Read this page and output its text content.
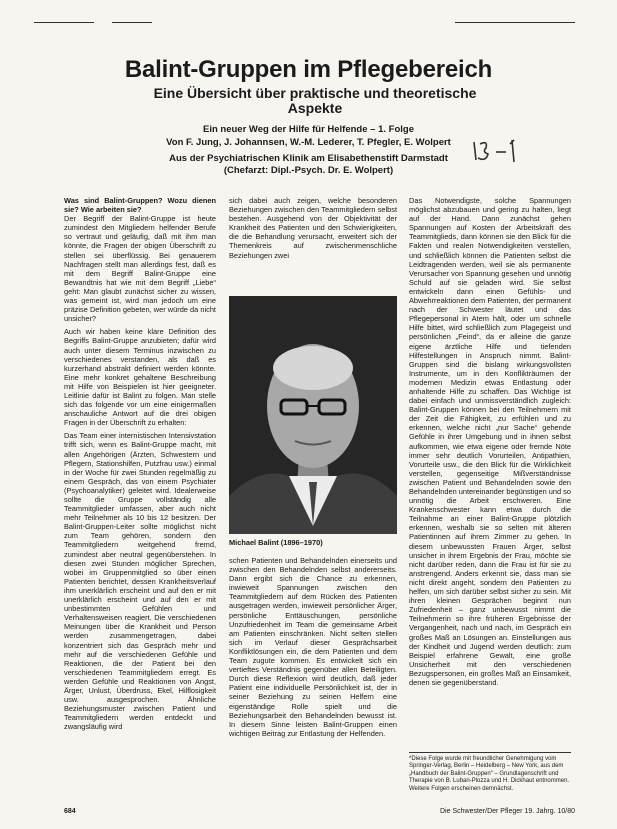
Balint-Gruppen im Pflegebereich
Eine Übersicht über praktische und theoretische Aspekte
Ein neuer Weg der Hilfe für Helfende – 1. Folge
Von F. Jung, J. Johannsen, W.-M. Lederer, T. Pfegler, E. Wolpert
Aus der Psychiatrischen Klinik am Elisabethenstift Darmstadt
(Chefarzt: Dipl.-Psych. Dr. E. Wolpert)

Was sind Balint-Gruppen? Wozu dienen sie? Wie arbeiten sie?
Der Begriff der Balint-Gruppe ist heute zumindest den Mitgliedern helfender Berufe so vertraut und geläufig, daß mit ihm man könnte, die Fragen der obigen Überschrift zu stellen sei überflüssig. Bei genauerem Nachfragen stellt man allerdings fest, daß es mit dem Begriff Balint-Gruppe eine Bewandtnis hat wie mit dem Begriff „Liebe“ geht: Man glaubt zunächst sicher zu wissen, was gemeint ist, wird man jedoch um eine präzise Definition gebeten, wer würde da nicht unsicher?

Auch wir haben keine klare Definition des Begriffs Balint-Gruppe anzubieten; dafür wird auch unter diesem Terminus inzwischen zu verschiedenes verstanden, als daß es kurzerhand abstrakt definiert werden könnte. Eine mehr konkret gehaltene Beschreibung mit Hilfe von Beispielen ist hier geeigneter. Leitlinie dafür ist Balint zu folgen. Man stelle sich das folgende vor um eine einigermaßen anschauliche Antwort auf die drei obigen Fragen in der Überschrift zu erhalten:

Das Team einer internistischen Intensivstation trifft sich, wenn es Balint-Gruppe macht, mit allen Angehörigen (Ärzten, Schwestern und Pflegern, Stationshilfen, Putzfrau usw.) einmal in der Woche für zwei Stunden regelmäßig zu einem Gespräch, das von einem Psychiater (Psychoanalytiker) geleitet wird. Idealerweise sollte die Gruppe vollständig alle Teammitglieder umfassen, aber auch nicht mehr Teilnehmer als 10 bis 12 besitzen. Der Balint-Gruppen-Leiter sollte möglichst nicht zum Team gehören, sondern den Teammitgliedern weitgehend fremd, zumindest aber neutral gegenüberstehen. In diesen zwei Stunden möglicher Sprechen, wobei im Gruppenmitglied so über einen Patienten berichtet, dessen Krankheitsverlauf ihm unerklärlich erscheint und auf den er mit unerklärlich erscheint und auf den er mit unbestimmten Gefühlen und Verhaltensweisen reagiert. Die verschiedenen Meinungen über die Krankheit und Person werden zusammengetragen, dabei konzentriert sich das Gespräch mehr und mehr auf die verschiedenen Gefühle und Reaktionen, die der Patient bei den verschiedenen Teammitgliedern erregt. Es werden Gefühle und Reaktionen von Angst, Ärger, Unlust, Überdruss, Ekel, Hilflosigkeit usw. ausgesprochen. Ähnliche Beziehungsmuster zwischen Patient und Teammitgliedern werden entdeckt und zwangsläufig wird

sich dabei auch zeigen, welche besonderen Beziehungen zwischen den Teammitgliedern selbst bestehen. Ausgehend von der Objektivität der Krankheit des Patienten und den Schwierigkeiten, die die Behandlung verursacht, erweitert sich der Themenkreis auf zwischenmenschliche Beziehungen zwei

Michael Balint (1896–1970)

schen Patienten und Behandelnden einerseits und zwischen den Behandelnden selbst andererseits. Dann ergibt sich die Chance zu erkennen, inwieweit Spannungen zwischen den Teammitgliedern auf dem Rücken des Patienten ausgetragen werden, inwieweit persönlicher Ärger, persönliche Enttäuschungen, persönliche Unzufriedenheit im Team die gemeinsame Arbeit am Patienten einschränken. Nicht selten stellen sich im Verlauf dieser Gesprächsarbeit Konfliktlösungen ein, die dem Patienten und dem Team zugute kommen. Es entwickelt sich ein vertieftes Verständnis gegenüber allen Beteiligten. Durch diese Reflexion wird deutlich, daß jeder Patient eine individuelle Persönlichkeit ist, der in seiner Beziehung zu seinen Helfern eine eigenständige Rolle spielt und die Beziehungsarbeit den Behandelnden bewusst ist. In diesem Sinne leisten Balint-Gruppen einen wichtigen Beitrag zur Entlastung der Helfenden.

Das Notwendigste, solche Spannungen möglichst abzubauen und gering zu halten, liegt auf der Hand. Dann zunächst gehen Spannungen auf Kosten der Arbeitskraft des Teammitglieds, dann können sie den Blick für die Fakten und realen Notwendigkeiten verstellen, und schließlich können die Patienten selbst die Leidtragenden werden, weil sie als permanente Verursacher von Spannung gesehen und unnötig Schuld auf sie geladen wird. Sie selbst entwickeln dann einen Gefühls- und Abwehrreaktionen dem Patienten, der permanent nach der Schwester läutet und das Pflegepersonal in Atem hält, oder um schnelle Hilfe bittet, wird schließlich zum Plagegeist und persönlichen „Feind“, da er alleine die ganze eigene ärztliche Hilfe und tiefenden Hilfestellungen in Anspruch nimmt. Balint-Gruppen sind die bislang wirkungsvollsten Instrumente, um in den Konflikträumen der modernen Medizin etwas Entlastung oder anhaltende Hilfe zu schaffen. Das Wichtige ist dabei einfach und unmissverständlich zugleich: Balint-Gruppen können bei den Teilnehmern mit der Zeit die Fähigkeit, zu erfühlen und zu erkennen, welche nicht „nur Sache“ gehende Gefühle in ihrer Umgebung und in ihnen selbst aufkommen, wie etwa eigene oder fremde Nöte immer sehr deutlich Vorurteilen, Antipathien, Vorurteile usw., die den Blick für die Wirklichkeit verstellen, gegenseitige Mißverständnisse zwischen Patient und Behandelnden sowie den Behandelnden untereinander begünstigen und so unnötig die Arbeit erschweren. Eine Krankenschwester kann etwa durch die Teilnahme an einer Balint-Gruppe plötzlich erkennen, weshalb sie so selten mit älteren Patientinnen auf ihrem Zimmer zu gehen. In diesem unbewussten Frauen Ärger, selbst unsicher in ihrem Ergebnis der Frau, möchte sie nicht darüber reden, dann die Frau ist für sie zu anstrengend. Anders erkennt sie, dass man sie nicht direkt angeht, sondern den Patienten zu helfen, um sich darüber selbst sicher zu sein. Mit ihren kleinen Gesprächen beginnt nun Zufriedenheit – ganz unbewusst nimmt die Teilnehmerin so ihre früheren Ergebnisse der Vergangenheit, nach und nach, im Gespräch ein großes Maß an Lösungen an. Einstellungen aus der Kindheit und Jugend werden deutlich: zum Beispiel erfahrene Gewalt, eine große Unsicherheit mit den verschiedenen Bezugspersonen, ein großes Maß an Einsamkeit, denen sie gegenüberstand.

*Diese Folge wurde mit freundlicher Genehmigung vom Springer-Verlag, Berlin – Heidelberg – New York, aus dem „Handbuch der Balint-Gruppen“ – Grundlagenschrift und Therapie von B. Luban-Plozza und H. Dickhaut entnommen. Weitere Folgen erscheinen demnächst.
684	Die Schwester/Der Pfleger 19. Jahrg. 10/80
